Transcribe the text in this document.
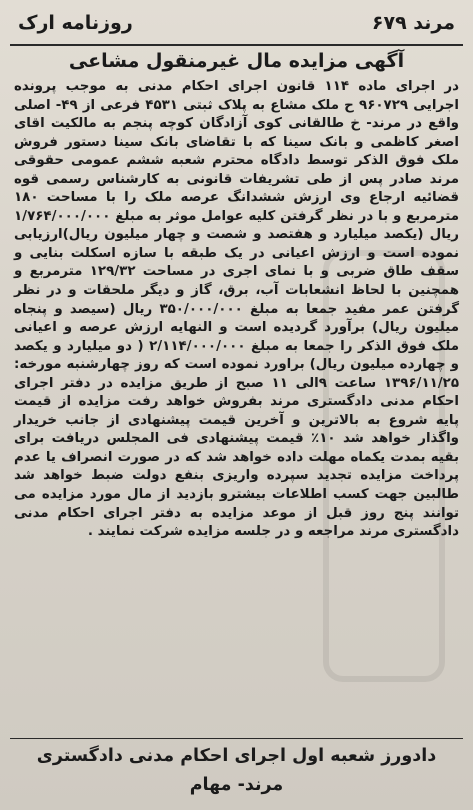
مرند ۶۷۹
روزنامه ارک
آگهی مزایده مال غیرمنقول مشاعی

در اجرای ماده ۱۱۴ قانون اجرای احکام مدنی به موجب پرونده اجرایی ۹۶۰۷۲۹ ح ملک مشاع به پلاک ثبتی ۴۵۳۱ فرعی از ۴۹- اصلی واقع در مرند- خ طالقانی کوی آزادگان کوچه پنجم به مالکیت اقای اصغر کاظمی و بانک سینا که با تقاضای بانک سینا دستور فروش ملک فوق الذکر توسط دادگاه محترم شعبه ششم عمومی حقوقی مرند صادر پس از طی تشریفات قانونی به کارشناس رسمی قوه قضائیه ارجاع وی ارزش ششدانگ عرصه ملک را با مساحت ۱۸۰ مترمربع و با در نظر گرفتن کلیه عوامل موثر به مبلغ ۱/۷۶۴/۰۰۰/۰۰۰ ریال (یکصد میلیارد و هفتصد و شصت و چهار میلیون ریال)ارزیابی نموده است و ارزش اعیانی در یک طبقه با سازه اسکلت بنایی و سقف طاق ضربی و با نمای اجری در مساحت ۱۲۹/۳۲ مترمربع و همچنین با لحاظ انشعابات آب، برق، گاز و دیگر ملحقات و در نظر گرفتن عمر مفید جمعا به مبلغ ۳۵۰/۰۰۰/۰۰۰ ریال (سیصد و پنجاه میلیون ریال) برآورد گردیده است و النهایه ارزش عرصه و اعیانی ملک فوق الذکر را جمعا به مبلغ ۲/۱۱۴/۰۰۰/۰۰۰ ( دو میلیارد و یکصد و چهارده میلیون ریال) براورد نموده است که روز چهارشنبه مورخه: ۱۳۹۶/۱۱/۲۵ ساعت ۹الی ۱۱ صبح از طریق مزایده در دفتر اجرای احکام مدنی دادگستری مرند بفروش خواهد رفت مزایده از قیمت پایه شروع به بالاترین و آخرین قیمت پیشنهادی از جانب خریدار واگذار خواهد شد ۱۰٪ قیمت پیشنهادی فی المجلس دریافت برای بقیه بمدت یکماه مهلت داده خواهد شد که در صورت انصراف یا عدم پرداخت مزایده تجدید سپرده واریزی بنفع دولت ضبط خواهد شد طالبین جهت کسب اطلاعات بیشترو بازدید از مال مورد مزایده می توانند پنج روز قبل از موعد مزایده به دفتر اجرای احکام مدنی دادگستری مرند مراجعه و در جلسه مزایده شرکت نمایند .

دادورز شعبه اول اجرای احکام مدنی دادگستری
مرند- مهام
